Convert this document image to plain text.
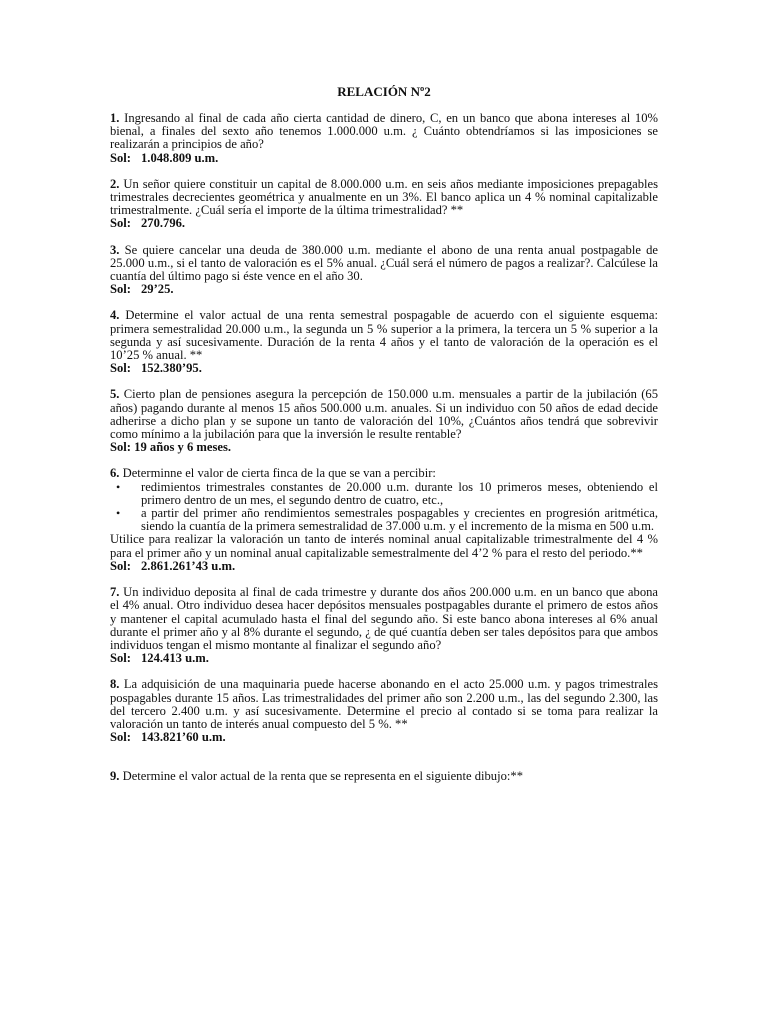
RELACIÓN Nº2
1. Ingresando al final de cada año cierta cantidad de dinero, C, en un banco que abona intereses al 10% bienal, a finales del sexto año tenemos 1.000.000 u.m. ¿ Cuánto obtendríamos si las imposiciones se realizarán a principios de año?
Sol: 1.048.809 u.m.
2. Un señor quiere constituir un capital de 8.000.000 u.m. en seis años mediante imposiciones prepagables trimestrales decrecientes geométrica y anualmente en un 3%. El banco aplica un 4 % nominal capitalizable trimestralmente. ¿Cuál sería el importe de la última trimestralidad? **
Sol: 270.796.
3. Se quiere cancelar una deuda de 380.000 u.m. mediante el abono de una renta anual postpagable de 25.000 u.m., si el tanto de valoración es el 5% anual. ¿Cuál será el número de pagos a realizar?. Calcúlese la cuantía del último pago si éste vence en el año 30.
Sol: 29’25.
4. Determine el valor actual de una renta semestral pospagable de acuerdo con el siguiente esquema: primera semestralidad 20.000 u.m., la segunda un 5 % superior a la primera, la tercera un 5 % superior a la segunda y así sucesivamente. Duración de la renta 4 años y el tanto de valoración de la operación es el 10’25 % anual. **
Sol: 152.380’95.
5. Cierto plan de pensiones asegura la percepción de 150.000 u.m. mensuales a partir de la jubilación (65 años) pagando durante al menos 15 años 500.000 u.m. anuales. Si un individuo con 50 años de edad decide adherirse a dicho plan y se supone un tanto de valoración del 10%, ¿Cuántos años tendrá que sobrevivir como mínimo a la jubilación para que la inversión le resulte rentable?
Sol: 19 años y 6 meses.
6. Determinne el valor de cierta finca de la que se van a percibir:
• redimientos trimestrales constantes de 20.000 u.m. durante los 10 primeros meses, obteniendo el primero dentro de un mes, el segundo dentro de cuatro, etc.,
• a partir del primer año rendimientos semestrales pospagables y crecientes en progresión aritmética, siendo la cuantía de la primera semestralidad de 37.000 u.m. y el incremento de la misma en 500 u.m.
Utilice para realizar la valoración un tanto de interés nominal anual capitalizable trimestralmente del 4 % para el primer año y un nominal anual capitalizable semestralmente del 4’2 % para el resto del periodo.**
Sol: 2.861.261’43 u.m.
7. Un individuo deposita al final de cada trimestre y durante dos años 200.000 u.m. en un banco que abona el 4% anual. Otro individuo desea hacer depósitos mensuales postpagables durante el primero de estos años y mantener el capital acumulado hasta el final del segundo año. Si este banco abona intereses al 6% anual durante el primer año y al 8% durante el segundo, ¿ de qué cuantía deben ser tales depósitos para que ambos individuos tengan el mismo montante al finalizar el segundo año?
Sol: 124.413 u.m.
8. La adquisición de una maquinaria puede hacerse abonando en el acto 25.000 u.m. y pagos trimestrales pospagables durante 15 años. Las trimestralidades del primer año son 2.200 u.m., las del segundo 2.300, las del tercero 2.400 u.m. y así sucesivamente. Determine el precio al contado si se toma para realizar la valoración un tanto de interés anual compuesto del 5 %. **
Sol: 143.821’60 u.m.
9. Determine el valor actual de la renta que se representa en el siguiente dibujo:**
